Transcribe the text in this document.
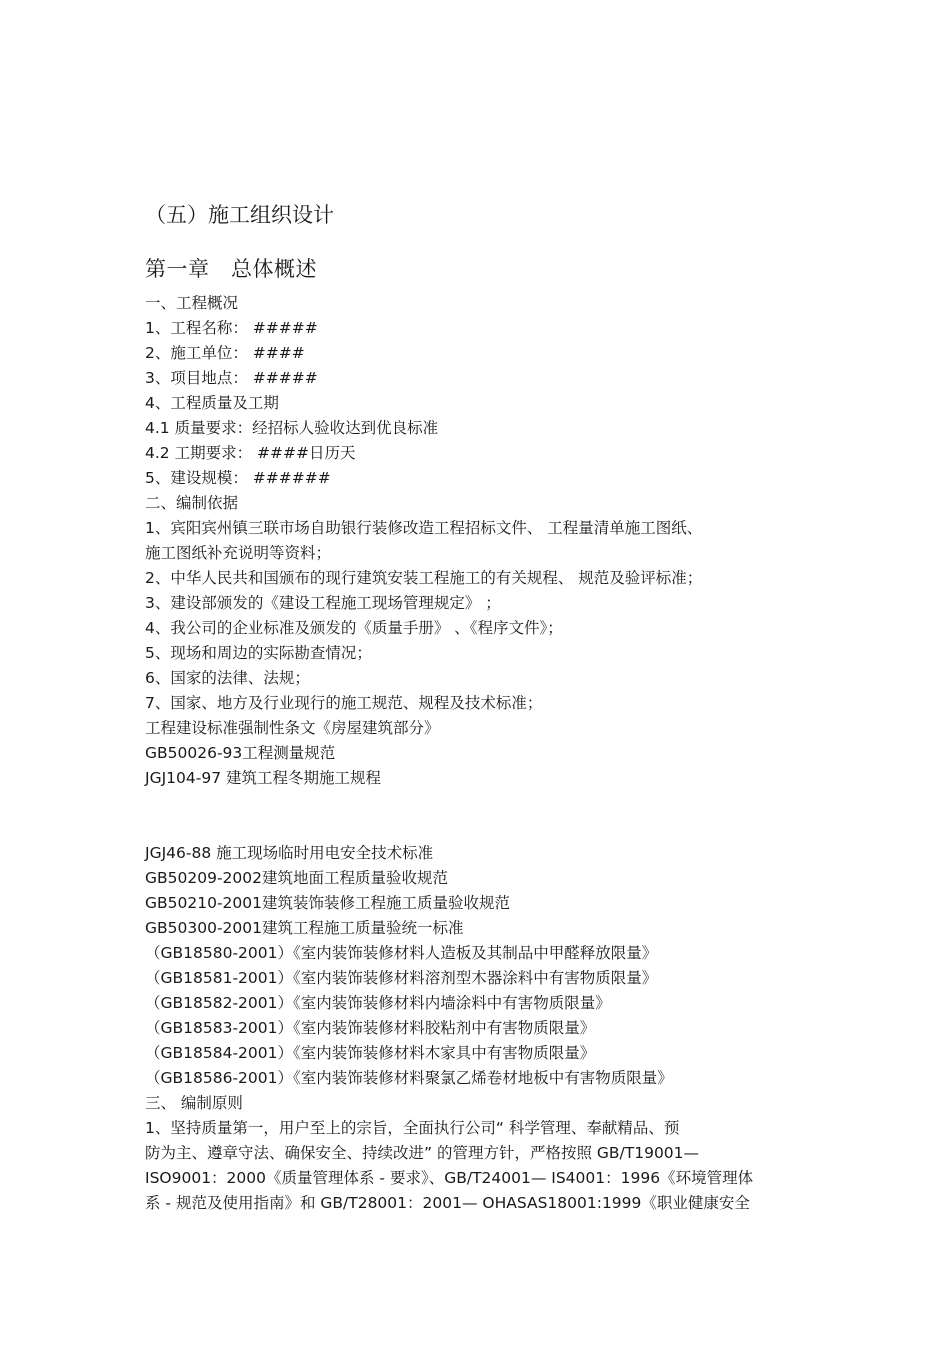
（五）施工组织设计
第一章　总体概述
一、工程概况
1、工程名称： #####
2、施工单位： ####
3、项目地点： #####
4、工程质量及工期
4.1 质量要求：经招标人验收达到优良标准
4.2 工期要求： ####日历天
5、建设规模： ######
二、编制依据
1、宾阳宾州镇三联市场自助银行装修改造工程招标文件、 工程量清单施工图纸、
施工图纸补充说明等资料；
2、中华人民共和国颁布的现行建筑安装工程施工的有关规程、 规范及验评标准；
3、建设部颁发的《建设工程施工现场管理规定》 ；
4、我公司的企业标准及颁发的《质量手册》 、《程序文件》；
5、现场和周边的实际勘查情况；
6、国家的法律、法规；
7、国家、地方及行业现行的施工规范、规程及技术标准；
工程建设标准强制性条文《房屋建筑部分》
GB50026-93工程测量规范
JGJ104-97 建筑工程冬期施工规程
JGJ46-88 施工现场临时用电安全技术标准
GB50209-2002建筑地面工程质量验收规范
GB50210-2001建筑装饰装修工程施工质量验收规范
GB50300-2001建筑工程施工质量验统一标准
（GB18580-2001）《室内装饰装修材料人造板及其制品中甲醛释放限量》
（GB18581-2001）《室内装饰装修材料溶剂型木器涂料中有害物质限量》
（GB18582-2001）《室内装饰装修材料内墙涂料中有害物质限量》
（GB18583-2001）《室内装饰装修材料胶粘剂中有害物质限量》
（GB18584-2001）《室内装饰装修材料木家具中有害物质限量》
（GB18586-2001）《室内装饰装修材料聚氯乙烯卷材地板中有害物质限量》
三、 编制原则
1、坚持质量第一，用户至上的宗旨，全面执行公司“ 科学管理、奉献精品、预
防为主、遵章守法、确保安全、持续改进” 的管理方针，严格按照 GB/T19001—
ISO9001：2000《质量管理体系 - 要求》、GB/T24001— IS4001：1996《环境管理体
系 - 规范及使用指南》和 GB/T28001：2001— OHASAS18001:1999《职业健康安全
